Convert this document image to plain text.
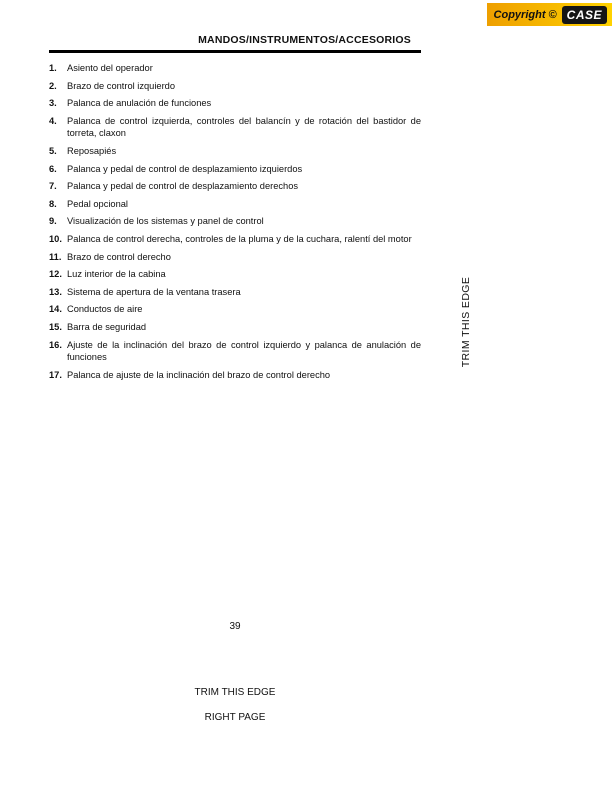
Copyright © CASE
MANDOS/INSTRUMENTOS/ACCESORIOS
1.	Asiento del operador
2.	Brazo de control izquierdo
3.	Palanca de anulación de funciones
4.	Palanca de control izquierda, controles del balancín y de rotación del bastidor de torreta, claxon
5.	Reposapiés
6.	Palanca y pedal de control de desplazamiento izquierdos
7.	Palanca y pedal de control de desplazamiento derechos
8.	Pedal opcional
9.	Visualización de los sistemas y panel de control
10. Palanca de control derecha, controles de la pluma y de la cuchara, ralentí del motor
11. Brazo de control derecho
12. Luz interior de la cabina
13. Sistema de apertura de la ventana trasera
14. Conductos de aire
15. Barra de seguridad
16. Ajuste de la inclinación del brazo de control izquierdo y palanca de anulación de funciones
17. Palanca de ajuste de la inclinación del brazo de control derecho
TRIM THIS EDGE
39
TRIM THIS EDGE
RIGHT PAGE
